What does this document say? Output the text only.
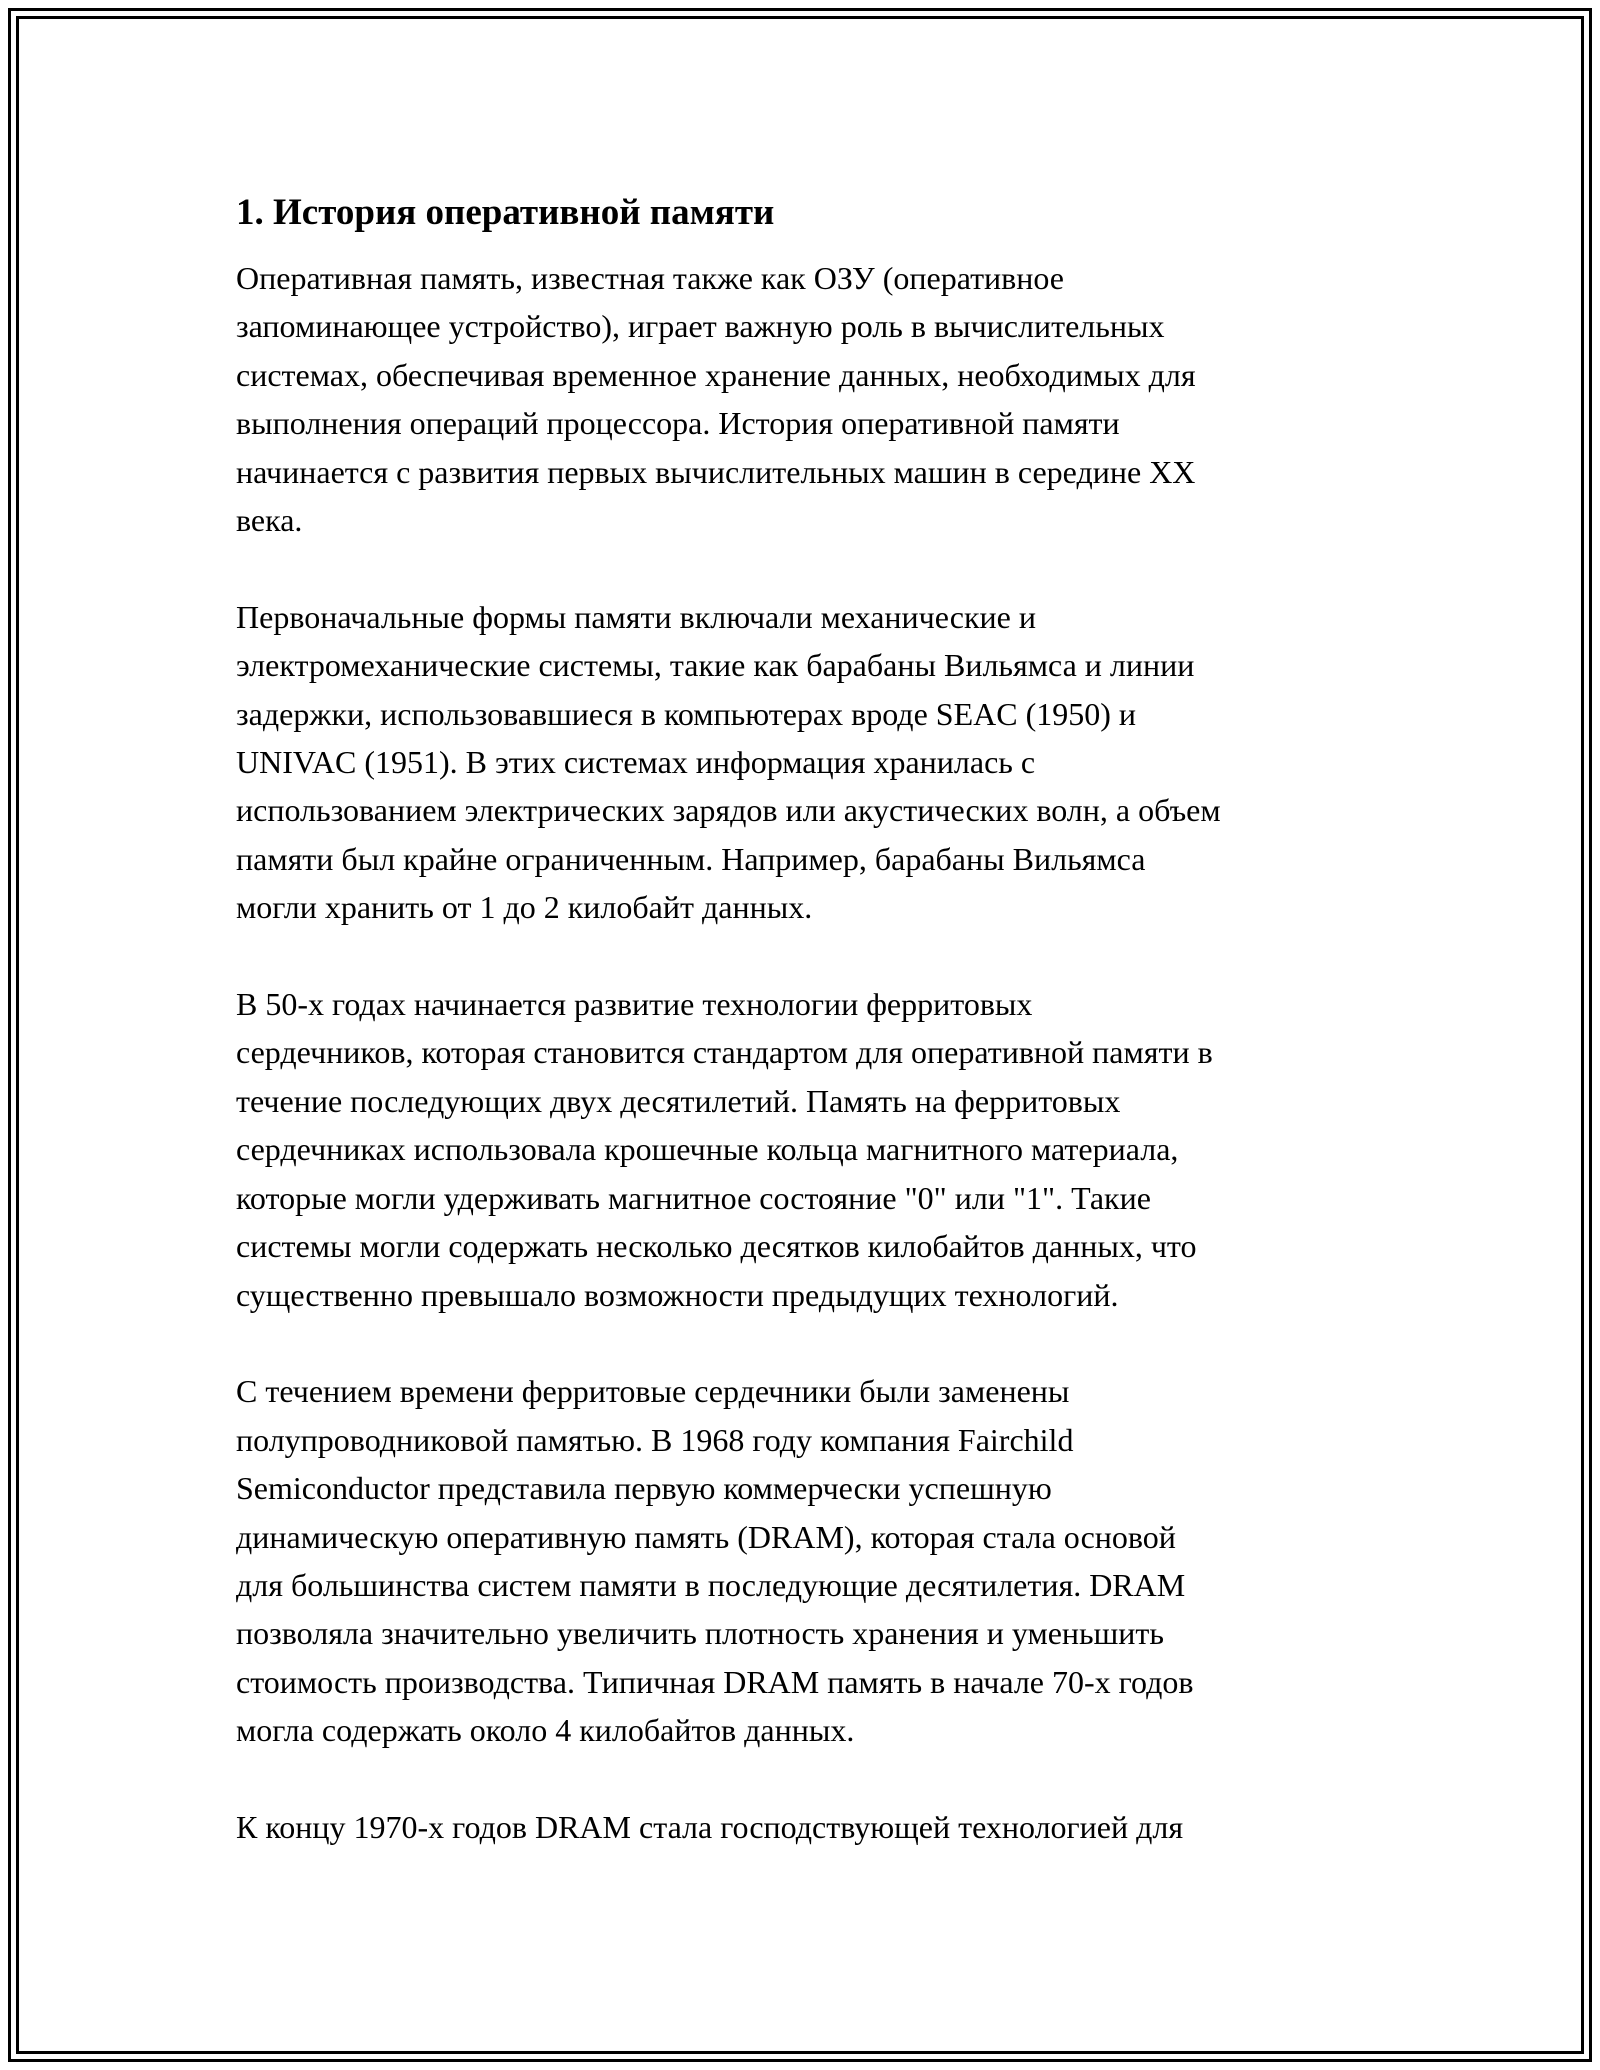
1. История оперативной памяти

Оперативная память, известная также как ОЗУ (оперативное
запоминающее устройство), играет важную роль в вычислительных
системах, обеспечивая временное хранение данных, необходимых для
выполнения операций процессора. История оперативной памяти
начинается с развития первых вычислительных машин в середине XX
века.

Первоначальные формы памяти включали механические и
электромеханические системы, такие как барабаны Вильямса и линии
задержки, использовавшиеся в компьютерах вроде SEAC (1950) и
UNIVAC (1951). В этих системах информация хранилась с
использованием электрических зарядов или акустических волн, а объем
памяти был крайне ограниченным. Например, барабаны Вильямса
могли хранить от 1 до 2 килобайт данных.

В 50-х годах начинается развитие технологии ферритовых
сердечников, которая становится стандартом для оперативной памяти в
течение последующих двух десятилетий. Память на ферритовых
сердечниках использовала крошечные кольца магнитного материала,
которые могли удерживать магнитное состояние "0" или "1". Такие
системы могли содержать несколько десятков килобайтов данных, что
существенно превышало возможности предыдущих технологий.

С течением времени ферритовые сердечники были заменены
полупроводниковой памятью. В 1968 году компания Fairchild
Semiconductor представила первую коммерчески успешную
динамическую оперативную память (DRAM), которая стала основой
для большинства систем памяти в последующие десятилетия. DRAM
позволяла значительно увеличить плотность хранения и уменьшить
стоимость производства. Типичная DRAM память в начале 70-х годов
могла содержать около 4 килобайтов данных.

К концу 1970-х годов DRAM стала господствующей технологией для
